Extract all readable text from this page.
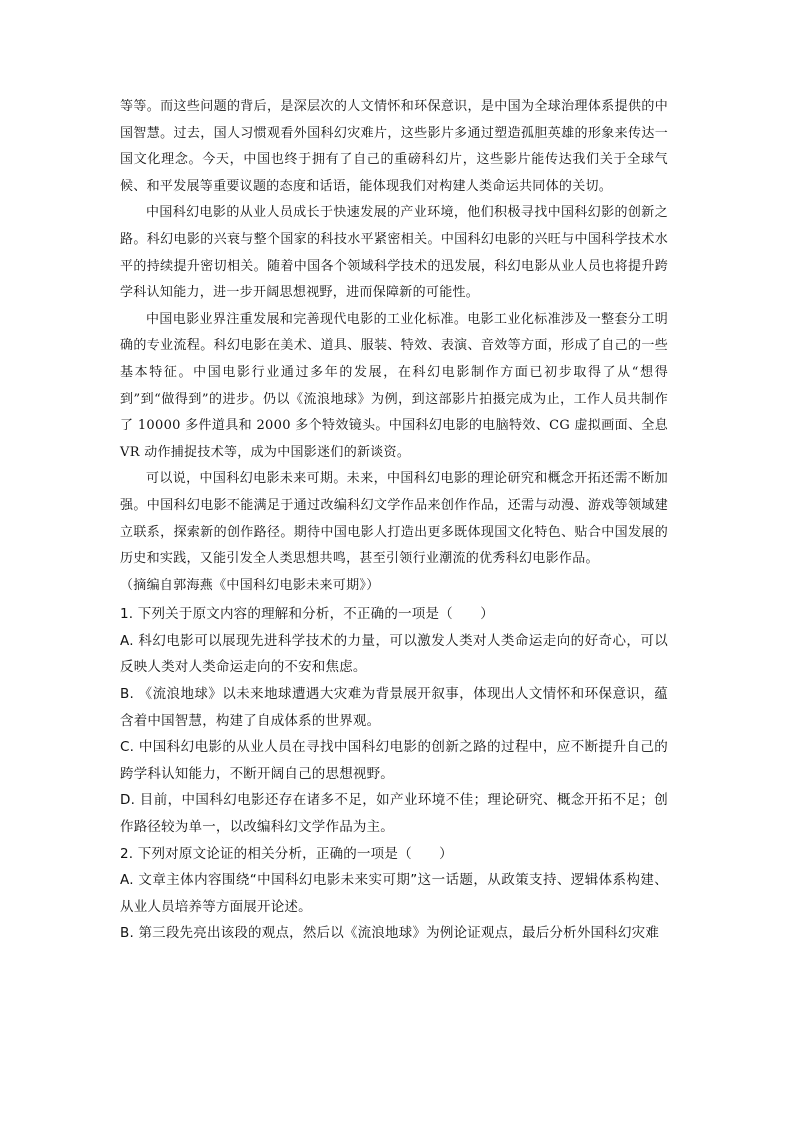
等等。而这些问题的背后，是深层次的人文情怀和环保意识，是中国为全球治理体系提供的中国智慧。过去，国人习惯观看外国科幻灾难片，这些影片多通过塑造孤胆英雄的形象来传达一国文化理念。今天，中国也终于拥有了自己的重磅科幻片，这些影片能传达我们关于全球气候、和平发展等重要议题的态度和话语，能体现我们对构建人类命运共同体的关切。

中国科幻电影的从业人员成长于快速发展的产业环境，他们积极寻找中国科幻影的创新之路。科幻电影的兴衰与整个国家的科技水平紧密相关。中国科幻电影的兴旺与中国科学技术水平的持续提升密切相关。随着中国各个领域科学技术的迅发展，科幻电影从业人员也将提升跨学科认知能力，进一步开阔思想视野，进而保障新的可能性。

中国电影业界注重发展和完善现代电影的工业化标准。电影工业化标准涉及一整套分工明确的专业流程。科幻电影在美术、道具、服装、特效、表演、音效等方面，形成了自己的一些基本特征。中国电影行业通过多年的发展，在科幻电影制作方面已初步取得了从“想得到”到“做得到”的进步。仍以《流浪地球》为例，到这部影片拍摄完成为止，工作人员共制作了 10000 多件道具和 2000 多个特效镜头。中国科幻电影的电脑特效、CG 虚拟画面、全息 VR 动作捕捉技术等，成为中国影迷们的新谈资。

可以说，中国科幻电影未来可期。未来，中国科幻电影的理论研究和概念开拓还需不断加强。中国科幻电影不能满足于通过改编科幻文学作品来创作作品，还需与动漫、游戏等领域建立联系，探索新的创作路径。期待中国电影人打造出更多既体现国文化特色、贴合中国发展的历史和实践，又能引发全人类思想共鸣，甚至引领行业潮流的优秀科幻电影作品。

（摘编自郭海燕《中国科幻电影未来可期》）

1. 下列关于原文内容的理解和分析，不正确的一项是（　　）

A. 科幻电影可以展现先进科学技术的力量，可以激发人类对人类命运走向的好奇心，可以反映人类对人类命运走向的不安和焦虑。

B. 《流浪地球》以未来地球遭遇大灾难为背景展开叙事，体现出人文情怀和环保意识，蕴含着中国智慧，构建了自成体系的世界观。

C. 中国科幻电影的从业人员在寻找中国科幻电影的创新之路的过程中，应不断提升自己的跨学科认知能力，不断开阔自己的思想视野。

D. 目前，中国科幻电影还存在诸多不足，如产业环境不佳；理论研究、概念开拓不足；创作路径较为单一，以改编科幻文学作品为主。

2. 下列对原文论证的相关分析，正确的一项是（　　）

A. 文章主体内容围绕“中国科幻电影未来实可期”这一话题，从政策支持、逻辑体系构建、从业人员培养等方面展开论述。

B. 第三段先亮出该段的观点，然后以《流浪地球》为例论证观点，最后分析外国科幻灾难
